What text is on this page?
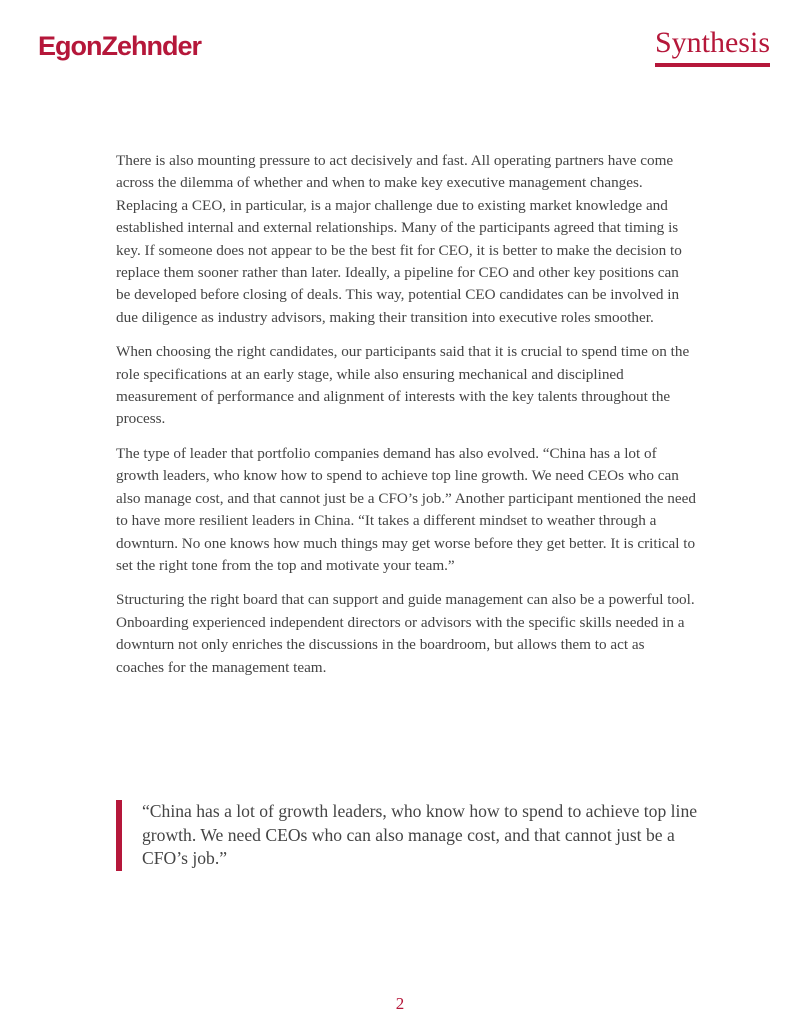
EgonZehnder	Synthesis

There is also mounting pressure to act decisively and fast. All operating partners have come across the dilemma of whether and when to make key executive management changes. Replacing a CEO, in particular, is a major challenge due to existing market knowledge and established internal and external relationships. Many of the participants agreed that timing is key. If someone does not appear to be the best fit for CEO, it is better to make the decision to replace them sooner rather than later. Ideally, a pipeline for CEO and other key positions can be developed before closing of deals. This way, potential CEO candidates can be involved in due diligence as industry advisors, making their transition into executive roles smoother.

When choosing the right candidates, our participants said that it is crucial to spend time on the role specifications at an early stage, while also ensuring mechanical and disciplined measurement of performance and alignment of interests with the key talents throughout the process.

The type of leader that portfolio companies demand has also evolved. “China has a lot of growth leaders, who know how to spend to achieve top line growth. We need CEOs who can also manage cost, and that cannot just be a CFO’s job.” Another participant mentioned the need to have more resilient leaders in China. “It takes a different mindset to weather through a downturn. No one knows how much things may get worse before they get better. It is critical to set the right tone from the top and motivate your team.”

Structuring the right board that can support and guide management can also be a powerful tool. Onboarding experienced independent directors or advisors with the specific skills needed in a downturn not only enriches the discussions in the boardroom, but allows them to act as coaches for the management team.

“China has a lot of growth leaders, who know how to spend to achieve top line growth. We need CEOs who can also manage cost, and that cannot just be a CFO’s job.”

2
